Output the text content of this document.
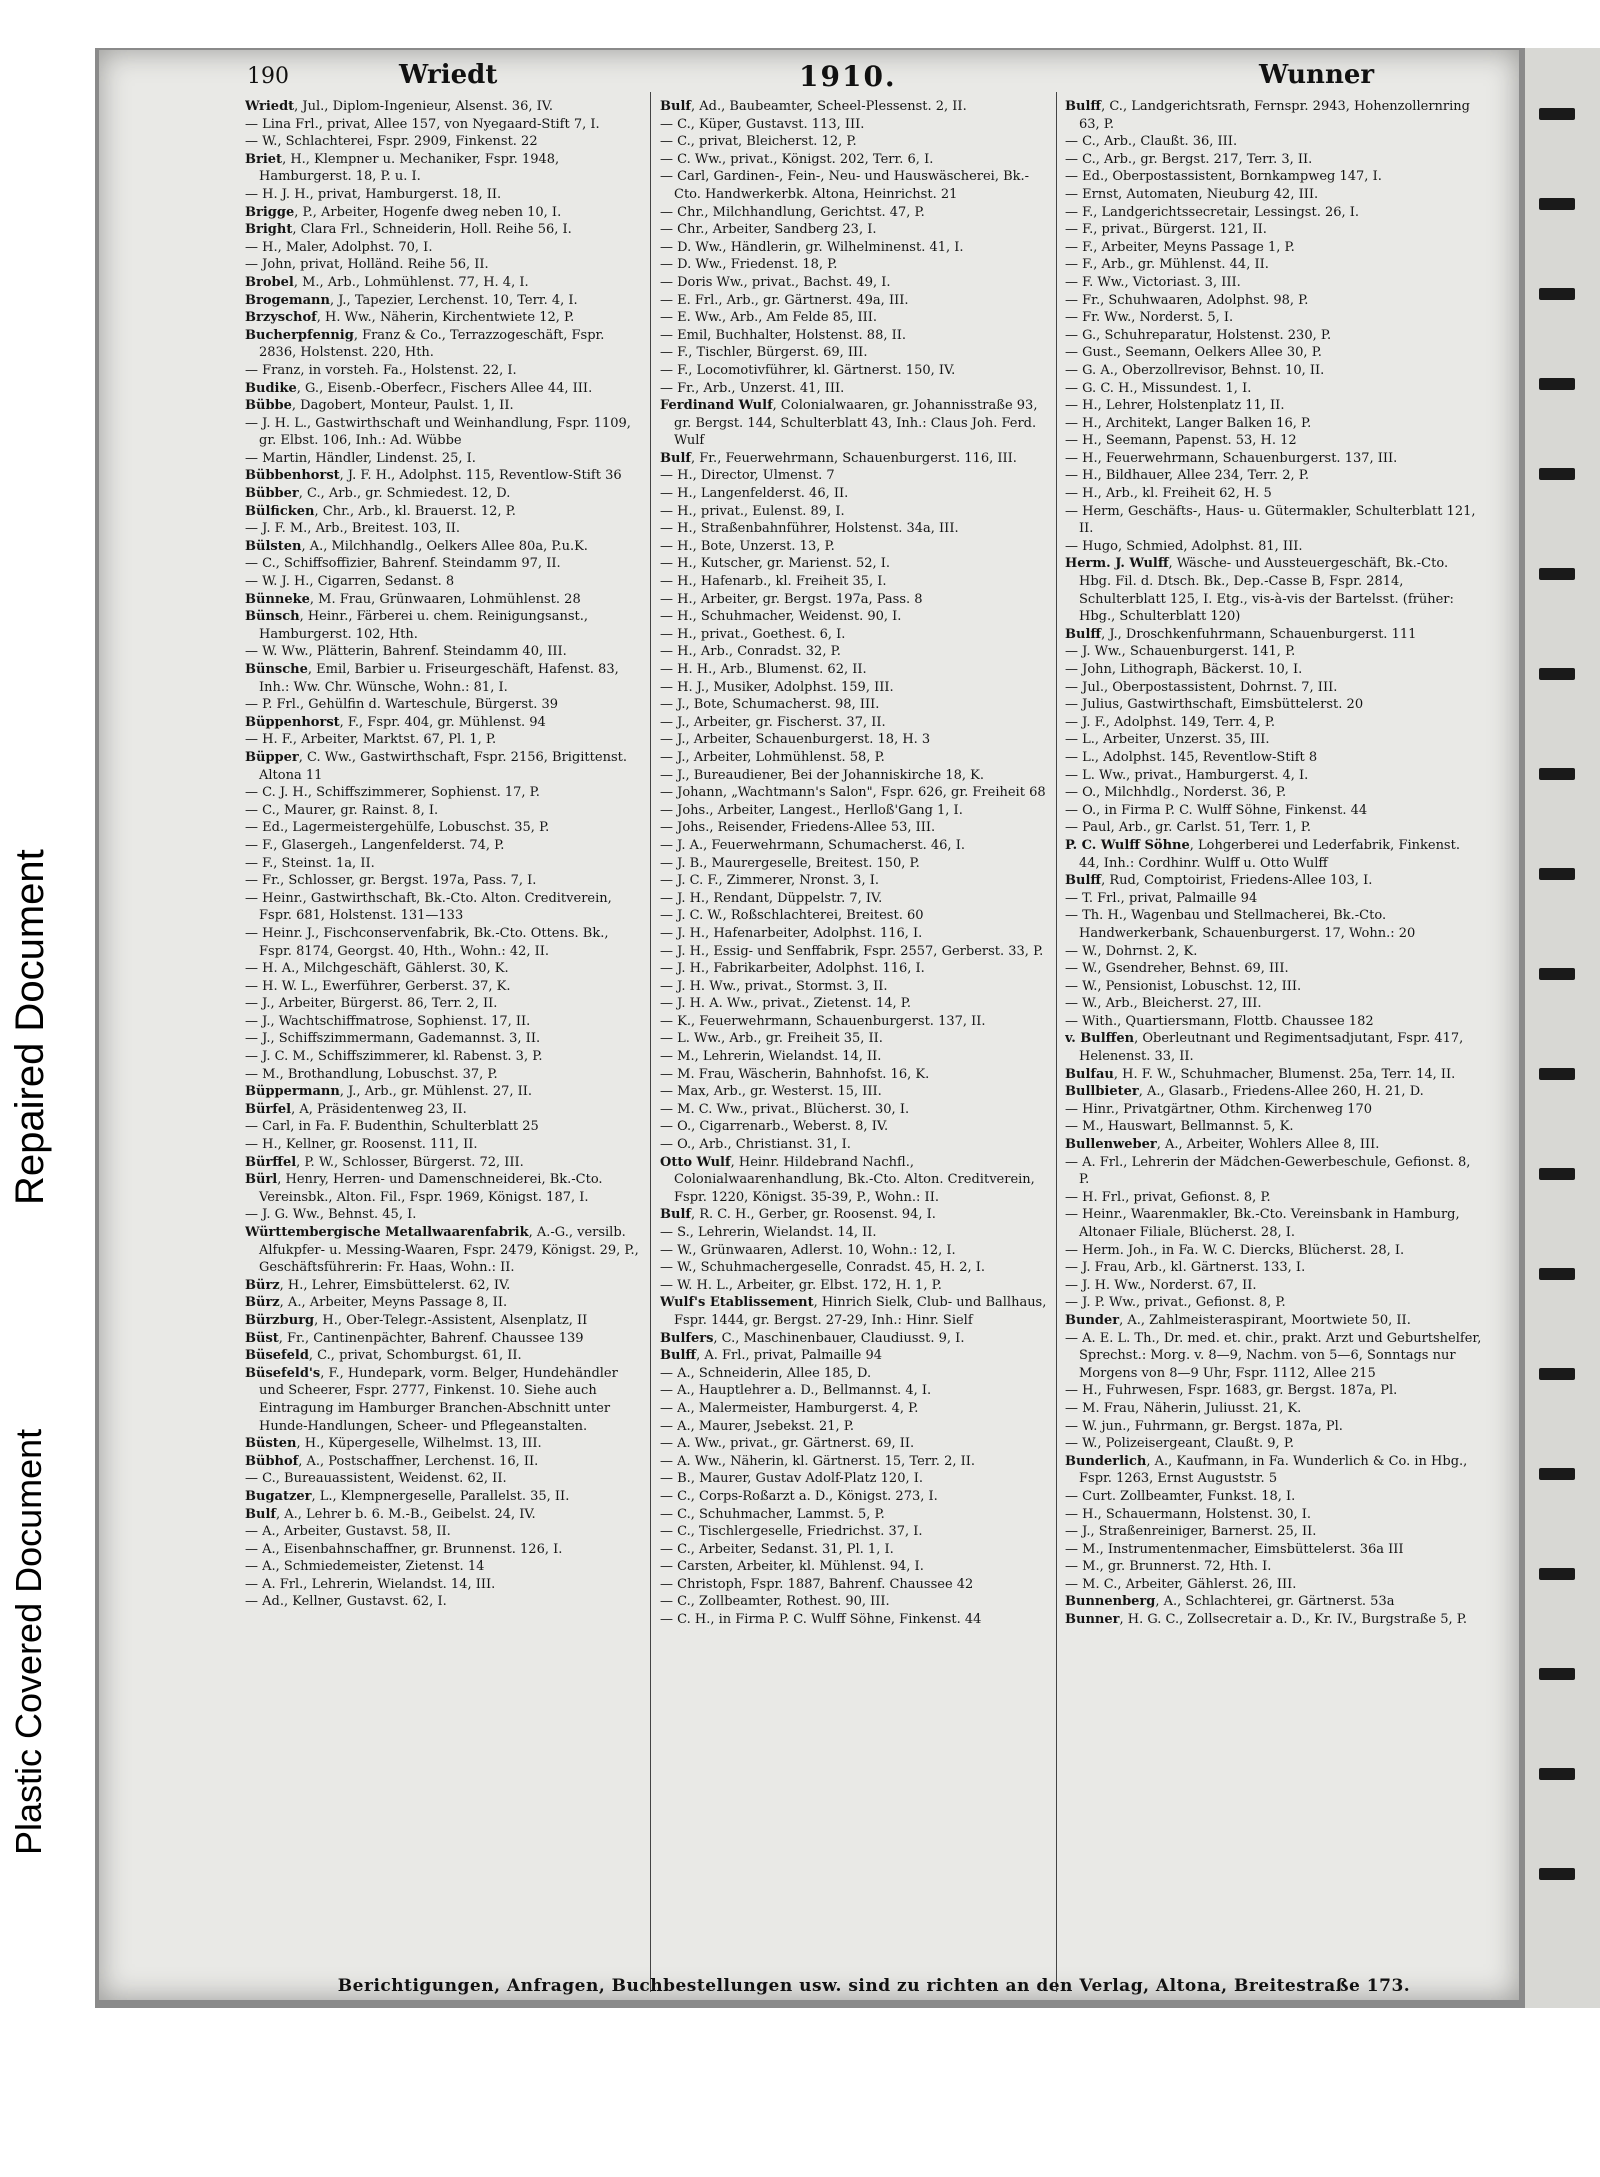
Repaired Document
Plastic Covered Document
190	Wriedt	1910.	Wunner

Wriedt, Jul., Diplom-Ingenieur, Alsenst. 36, IV.

— Lina Frl., privat, Allee 157, von Nyegaard-Stift 7, I.

— W., Schlachterei, Fspr. 2909, Finkenst. 22

Briet, H., Klempner u. Mechaniker, Fspr. 1948, Hamburgerst. 18, P. u. I.

— H. J. H., privat, Hamburgerst. 18, II.

Brigge, P., Arbeiter, Hogenfe dweg neben 10, I.

Bright, Clara Frl., Schneiderin, Holl. Reihe 56, I.

— H., Maler, Adolphst. 70, I.

— John, privat, Holländ. Reihe 56, II.

Brobel, M., Arb., Lohmühlenst. 77, H. 4, I.

Brogemann, J., Tapezier, Lerchenst. 10, Terr. 4, I.

Brzyschof, H. Ww., Näherin, Kirchentwiete 12, P.

Bucherpfennig, Franz & Co., Terrazzogeschäft, Fspr. 2836, Holstenst. 220, Hth.

— Franz, in vorsteh. Fa., Holstenst. 22, I.

Budike, G., Eisenb.-Oberfecr., Fischers Allee 44, III.

Bübbe, Dagobert, Monteur, Paulst. 1, II.

— J. H. L., Gastwirthschaft und Weinhandlung, Fspr. 1109, gr. Elbst. 106, Inh.: Ad. Wübbe

— Martin, Händler, Lindenst. 25, I.

Bübbenhorst, J. F. H., Adolphst. 115, Reventlow-Stift 36

Bübber, C., Arb., gr. Schmiedest. 12, D.

Bülficken, Chr., Arb., kl. Brauerst. 12, P.

— J. F. M., Arb., Breitest. 103, II.

Bülsten, A., Milchhandlg., Oelkers Allee 80a, P.u.K.

— C., Schiffsoffizier, Bahrenf. Steindamm 97, II.

— W. J. H., Cigarren, Sedanst. 8

Bünneke, M. Frau, Grünwaaren, Lohmühlenst. 28

Bünsch, Heinr., Färberei u. chem. Reinigungsanst., Hamburgerst. 102, Hth.

— W. Ww., Plätterin, Bahrenf. Steindamm 40, III.

Bünsche, Emil, Barbier u. Friseurgeschäft, Hafenst. 83, Inh.: Ww. Chr. Wünsche, Wohn.: 81, I.

— P. Frl., Gehülfin d. Warteschule, Bürgerst. 39

Büppenhorst, F., Fspr. 404, gr. Mühlenst. 94

— H. F., Arbeiter, Marktst. 67, Pl. 1, P.

Büpper, C. Ww., Gastwirthschaft, Fspr. 2156, Brigittenst. Altona 11

— C. J. H., Schiffszimmerer, Sophienst. 17, P.

— C., Maurer, gr. Rainst. 8, I.

— Ed., Lagermeistergehülfe, Lobuschst. 35, P.

— F., Glasergeh., Langenfelderst. 74, P.

— F., Steinst. 1a, II.

— Fr., Schlosser, gr. Bergst. 197a, Pass. 7, I.

— Heinr., Gastwirthschaft, Bk.-Cto. Alton. Creditverein, Fspr. 681, Holstenst. 131—133

— Heinr. J., Fischconservenfabrik, Bk.-Cto. Ottens. Bk., Fspr. 8174, Georgst. 40, Hth., Wohn.: 42, II.

— H. A., Milchgeschäft, Gählerst. 30, K.

— H. W. L., Ewerführer, Gerberst. 37, K.

— J., Arbeiter, Bürgerst. 86, Terr. 2, II.

— J., Wachtschiffmatrose, Sophienst. 17, II.

— J., Schiffszimmermann, Gademannst. 3, II.

— J. C. M., Schiffszimmerer, kl. Rabenst. 3, P.

— M., Brothandlung, Lobuschst. 37, P.

Büppermann, J., Arb., gr. Mühlenst. 27, II.

Bürfel, A, Präsidentenweg 23, II.

— Carl, in Fa. F. Budenthin, Schulterblatt 25

— H., Kellner, gr. Roosenst. 111, II.

Bürffel, P. W., Schlosser, Bürgerst. 72, III.

Bürl, Henry, Herren- und Damenschneiderei, Bk.-Cto. Vereinsbk., Alton. Fil., Fspr. 1969, Königst. 187, I.

— J. G. Ww., Behnst. 45, I.

Württembergische Metallwaarenfabrik, A.-G., versilb. Alfukpfer- u. Messing-Waaren, Fspr. 2479, Königst. 29, P., Geschäftsführerin: Fr. Haas, Wohn.: II.

Bürz, H., Lehrer, Eimsbüttelerst. 62, IV.

Bürz, A., Arbeiter, Meyns Passage 8, II.

Bürzburg, H., Ober-Telegr.-Assistent, Alsenplatz, II

Büst, Fr., Cantinenpächter, Bahrenf. Chaussee 139

Büsefeld, C., privat, Schomburgst. 61, II.

Büsefeld's, F., Hundepark, vorm. Belger, Hundehändler und Scheerer, Fspr. 2777, Finkenst. 10. Siehe auch Eintragung im Hamburger Branchen-Abschnitt unter Hunde-Handlungen, Scheer- und Pflegeanstalten.

Büsten, H., Küpergeselle, Wilhelmst. 13, III.

Bübhof, A., Postschaffner, Lerchenst. 16, II.

— C., Bureauassistent, Weidenst. 62, II.

Bugatzer, L., Klempnergeselle, Parallelst. 35, II.

Bulf, A., Lehrer b. 6. M.-B., Geibelst. 24, IV.

— A., Arbeiter, Gustavst. 58, II.

— A., Eisenbahnschaffner, gr. Brunnenst. 126, I.

— A., Schmiedemeister, Zietenst. 14

— A. Frl., Lehrerin, Wielandst. 14, III.

— Ad., Kellner, Gustavst. 62, I.

Bulf, Ad., Baubeamter, Scheel-Plessenst. 2, II.

— C., Küper, Gustavst. 113, III.

— C., privat, Bleicherst. 12, P.

— C. Ww., privat., Königst. 202, Terr. 6, I.

— Carl, Gardinen-, Fein-, Neu- und Hauswäscherei, Bk.-Cto. Handwerkerbk. Altona, Heinrichst. 21

— Chr., Milchhandlung, Gerichtst. 47, P.

— Chr., Arbeiter, Sandberg 23, I.

— D. Ww., Händlerin, gr. Wilhelminenst. 41, I.

— D. Ww., Friedenst. 18, P.

— Doris Ww., privat., Bachst. 49, I.

— E. Frl., Arb., gr. Gärtnerst. 49a, III.

— E. Ww., Arb., Am Felde 85, III.

— Emil, Buchhalter, Holstenst. 88, II.

— F., Tischler, Bürgerst. 69, III.

— F., Locomotivführer, kl. Gärtnerst. 150, IV.

— Fr., Arb., Unzerst. 41, III.

Ferdinand Wulf, Colonialwaaren, gr. Johannisstraße 93, gr. Bergst. 144, Schulterblatt 43, Inh.: Claus Joh. Ferd. Wulf

Bulf, Fr., Feuerwehrmann, Schauenburgerst. 116, III.

— H., Director, Ulmenst. 7

— H., Langenfelderst. 46, II.

— H., privat., Eulenst. 89, I.

— H., Straßenbahnführer, Holstenst. 34a, III.

— H., Bote, Unzerst. 13, P.

— H., Kutscher, gr. Marienst. 52, I.

— H., Hafenarb., kl. Freiheit 35, I.

— H., Arbeiter, gr. Bergst. 197a, Pass. 8

— H., Schuhmacher, Weidenst. 90, I.

— H., privat., Goethest. 6, I.

— H., Arb., Conradst. 32, P.

— H. H., Arb., Blumenst. 62, II.

— H. J., Musiker, Adolphst. 159, III.

— J., Bote, Schumacherst. 98, III.

— J., Arbeiter, gr. Fischerst. 37, II.

— J., Arbeiter, Schauenburgerst. 18, H. 3

— J., Arbeiter, Lohmühlenst. 58, P.

— J., Bureaudiener, Bei der Johanniskirche 18, K.

— Johann, „Wachtmann's Salon", Fspr. 626, gr. Freiheit 68

— Johs., Arbeiter, Langest., Herlloß'Gang 1, I.

— Johs., Reisender, Friedens-Allee 53, III.

— J. A., Feuerwehrmann, Schumacherst. 46, I.

— J. B., Maurergeselle, Breitest. 150, P.

— J. C. F., Zimmerer, Nronst. 3, I.

— J. H., Rendant, Düppelstr. 7, IV.

— J. C. W., Roßschlachterei, Breitest. 60

— J. H., Hafenarbeiter, Adolphst. 116, I.

— J. H., Essig- und Senffabrik, Fspr. 2557, Gerberst. 33, P.

— J. H., Fabrikarbeiter, Adolphst. 116, I.

— J. H. Ww., privat., Stormst. 3, II.

— J. H. A. Ww., privat., Zietenst. 14, P.

— K., Feuerwehrmann, Schauenburgerst. 137, II.

— L. Ww., Arb., gr. Freiheit 35, II.

— M., Lehrerin, Wielandst. 14, II.

— M. Frau, Wäscherin, Bahnhofst. 16, K.

— Max, Arb., gr. Westerst. 15, III.

— M. C. Ww., privat., Blücherst. 30, I.

— O., Cigarrenarb., Weberst. 8, IV.

— O., Arb., Christianst. 31, I.

Otto Wulf, Heinr. Hildebrand Nachfl., Colonialwaarenhandlung, Bk.-Cto. Alton. Creditverein, Fspr. 1220, Königst. 35-39, P., Wohn.: II.

Bulf, R. C. H., Gerber, gr. Roosenst. 94, I.

— S., Lehrerin, Wielandst. 14, II.

— W., Grünwaaren, Adlerst. 10, Wohn.: 12, I.

— W., Schuhmachergeselle, Conradst. 45, H. 2, I.

— W. H. L., Arbeiter, gr. Elbst. 172, H. 1, P.

Wulf's Etablissement, Hinrich Sielk, Club- und Ballhaus, Fspr. 1444, gr. Bergst. 27-29, Inh.: Hinr. Sielf

Bulfers, C., Maschinenbauer, Claudiusst. 9, I.

Bulff, A. Frl., privat, Palmaille 94

— A., Schneiderin, Allee 185, D.

— A., Hauptlehrer a. D., Bellmannst. 4, I.

— A., Malermeister, Hamburgerst. 4, P.

— A., Maurer, Jsebekst. 21, P.

— A. Ww., privat., gr. Gärtnerst. 69, II.

— A. Ww., Näherin, kl. Gärtnerst. 15, Terr. 2, II.

— B., Maurer, Gustav Adolf-Platz 120, I.

— C., Corps-Roßarzt a. D., Königst. 273, I.

— C., Schuhmacher, Lammst. 5, P.

— C., Tischlergeselle, Friedrichst. 37, I.

— C., Arbeiter, Sedanst. 31, Pl. 1, I.

— Carsten, Arbeiter, kl. Mühlenst. 94, I.

— Christoph, Fspr. 1887, Bahrenf. Chaussee 42

— C., Zollbeamter, Rothest. 90, III.

— C. H., in Firma P. C. Wulff Söhne, Finkenst. 44

Bulff, C., Landgerichtsrath, Fernspr. 2943, Hohenzollernring 63, P.

— C., Arb., Claußt. 36, III.

— C., Arb., gr. Bergst. 217, Terr. 3, II.

— Ed., Oberpostassistent, Bornkampweg 147, I.

— Ernst, Automaten, Nieuburg 42, III.

— F., Landgerichtssecretair, Lessingst. 26, I.

— F., privat., Bürgerst. 121, II.

— F., Arbeiter, Meyns Passage 1, P.

— F., Arb., gr. Mühlenst. 44, II.

— F. Ww., Victoriast. 3, III.

— Fr., Schuhwaaren, Adolphst. 98, P.

— Fr. Ww., Norderst. 5, I.

— G., Schuhreparatur, Holstenst. 230, P.

— Gust., Seemann, Oelkers Allee 30, P.

— G. A., Oberzollrevisor, Behnst. 10, II.

— G. C. H., Missundest. 1, I.

— H., Lehrer, Holstenplatz 11, II.

— H., Architekt, Langer Balken 16, P.

— H., Seemann, Papenst. 53, H. 12

— H., Feuerwehrmann, Schauenburgerst. 137, III.

— H., Bildhauer, Allee 234, Terr. 2, P.

— H., Arb., kl. Freiheit 62, H. 5

— Herm, Geschäfts-, Haus- u. Gütermakler, Schulterblatt 121, II.

— Hugo, Schmied, Adolphst. 81, III.

Herm. J. Wulff, Wäsche- und Aussteuergeschäft, Bk.-Cto. Hbg. Fil. d. Dtsch. Bk., Dep.-Casse B, Fspr. 2814, Schulterblatt 125, I. Etg., vis-à-vis der Bartelsst. (früher: Hbg., Schulterblatt 120)

Bulff, J., Droschkenfuhrmann, Schauenburgerst. 111

— J. Ww., Schauenburgerst. 141, P.

— John, Lithograph, Bäckerst. 10, I.

— Jul., Oberpostassistent, Dohrnst. 7, III.

— Julius, Gastwirthschaft, Eimsbüttelerst. 20

— J. F., Adolphst. 149, Terr. 4, P.

— L., Arbeiter, Unzerst. 35, III.

— L., Adolphst. 145, Reventlow-Stift 8

— L. Ww., privat., Hamburgerst. 4, I.

— O., Milchhdlg., Norderst. 36, P.

— O., in Firma P. C. Wulff Söhne, Finkenst. 44

— Paul, Arb., gr. Carlst. 51, Terr. 1, P.

P. C. Wulff Söhne, Lohgerberei und Lederfabrik, Finkenst. 44, Inh.: Cordhinr. Wulff u. Otto Wulff

Bulff, Rud, Comptoirist, Friedens-Allee 103, I.

— T. Frl., privat, Palmaille 94

— Th. H., Wagenbau und Stellmacherei, Bk.-Cto. Handwerkerbank, Schauenburgerst. 17, Wohn.: 20

— W., Dohrnst. 2, K.

— W., Gsendreher, Behnst. 69, III.

— W., Pensionist, Lobuschst. 12, III.

— W., Arb., Bleicherst. 27, III.

— With., Quartiersmann, Flottb. Chaussee 182

v. Bulffen, Oberleutnant und Regimentsadjutant, Fspr. 417, Helenenst. 33, II.

Bulfau, H. F. W., Schuhmacher, Blumenst. 25a, Terr. 14, II.

Bullbieter, A., Glasarb., Friedens-Allee 260, H. 21, D.

— Hinr., Privatgärtner, Othm. Kirchenweg 170

— M., Hauswart, Bellmannst. 5, K.

Bullenweber, A., Arbeiter, Wohlers Allee 8, III.

— A. Frl., Lehrerin der Mädchen-Gewerbeschule, Gefionst. 8, P.

— H. Frl., privat, Gefionst. 8, P.

— Heinr., Waarenmakler, Bk.-Cto. Vereinsbank in Hamburg, Altonaer Filiale, Blücherst. 28, I.

— Herm. Joh., in Fa. W. C. Diercks, Blücherst. 28, I.

— J. Frau, Arb., kl. Gärtnerst. 133, I.

— J. H. Ww., Norderst. 67, II.

— J. P. Ww., privat., Gefionst. 8, P.

Bunder, A., Zahlmeisteraspirant, Moortwiete 50, II.

— A. E. L. Th., Dr. med. et. chir., prakt. Arzt und Geburtshelfer, Sprechst.: Morg. v. 8—9, Nachm. von 5—6, Sonntags nur Morgens von 8—9 Uhr, Fspr. 1112, Allee 215

— H., Fuhrwesen, Fspr. 1683, gr. Bergst. 187a, Pl.

— M. Frau, Näherin, Juliusst. 21, K.

— W. jun., Fuhrmann, gr. Bergst. 187a, Pl.

— W., Polizeisergeant, Claußt. 9, P.

Bunderlich, A., Kaufmann, in Fa. Wunderlich & Co. in Hbg., Fspr. 1263, Ernst Auguststr. 5

— Curt. Zollbeamter, Funkst. 18, I.

— H., Schauermann, Holstenst. 30, I.

— J., Straßenreiniger, Barnerst. 25, II.

— M., Instrumentenmacher, Eimsbüttelerst. 36a III

— M., gr. Brunnerst. 72, Hth. I.

— M. C., Arbeiter, Gählerst. 26, III.

Bunnenberg, A., Schlachterei, gr. Gärtnerst. 53a

Bunner, H. G. C., Zollsecretair a. D., Kr. IV., Burgstraße 5, P.

Berichtigungen, Anfragen, Buchbestellungen usw. sind zu richten an den Verlag, Altona, Breitestraße 173.
